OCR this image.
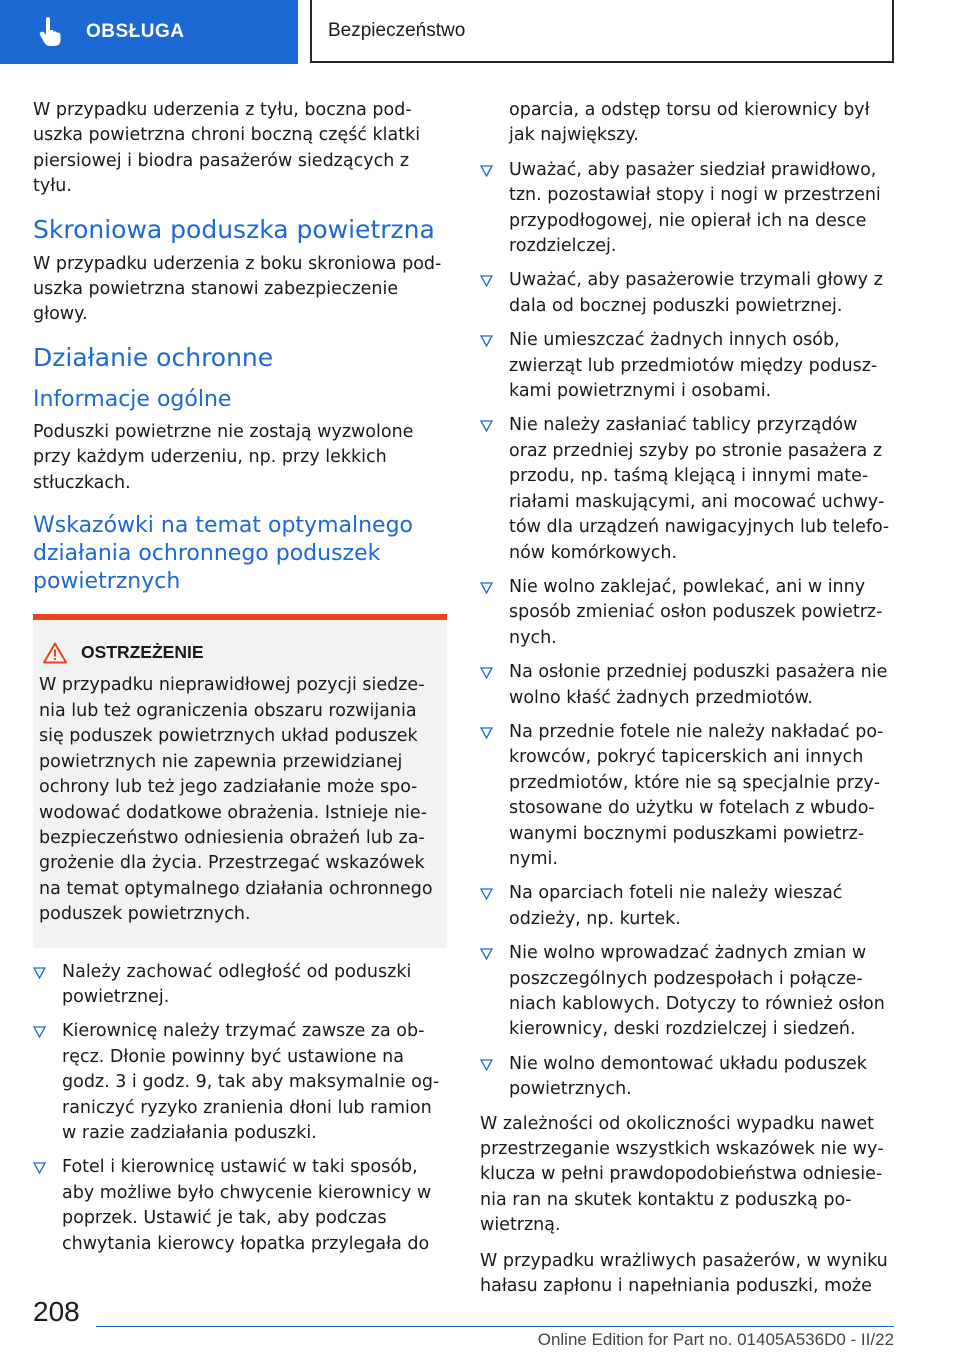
OBSŁUGA	Bezpieczeństwo

W przypadku uderzenia z tyłu, boczna poduszka powietrzna chroni boczną część klatki piersiowej i biodra pasażerów siedzących z tyłu.

Skroniowa poduszka powietrzna

W przypadku uderzenia z boku skroniowa poduszka powietrzna stanowi zabezpieczenie głowy.

Działanie ochronne
Informacje ogólne

Poduszki powietrzne nie zostają wyzwolone przy każdym uderzeniu, np. przy lekkich stłuczkach.

Wskazówki na temat optymalnego działania ochronnego poduszek powietrznych
OSTRZEŻENIE

W przypadku nieprawidłowej pozycji siedzenia lub też ograniczenia obszaru rozwijania się poduszek powietrznych układ poduszek powietrznych nie zapewnia przewidzianej ochrony lub też jego zadziałanie może spowodować dodatkowe obrażenia. Istnieje niebezpieczeństwo odniesienia obrażeń lub zagrożenie dla życia. Przestrzegać wskazówek na temat optymalnego działania ochronnego poduszek powietrznych.

Należy zachować odległość od poduszki powietrznej.
Kierownicę należy trzymać zawsze za obręcz. Dłonie powinny być ustawione na godz. 3 i godz. 9, tak aby maksymalnie ograniczyć ryzyko zranienia dłoni lub ramion w razie zadziałania poduszki.
Fotel i kierownicę ustawić w taki sposób, aby możliwe było chwycenie kierownicy w poprzek. Ustawić je tak, aby podczas chwytania kierowcy łopatka przylegała do
oparcia, a odstęp torsu od kierownicy był jak największy.
Uważać, aby pasażer siedział prawidłowo, tzn. pozostawiał stopy i nogi w przestrzeni przypodłogowej, nie opierał ich na desce rozdzielczej.
Uważać, aby pasażerowie trzymali głowy z dala od bocznej poduszki powietrznej.
Nie umieszczać żadnych innych osób, zwierząt lub przedmiotów między poduszkami powietrznymi i osobami.
Nie należy zasłaniać tablicy przyrządów oraz przedniej szyby po stronie pasażera z przodu, np. taśmą klejącą i innymi materiałami maskującymi, ani mocować uchwytów dla urządzeń nawigacyjnych lub telefonów komórkowych.
Nie wolno zaklejać, powlekać, ani w inny sposób zmieniać osłon poduszek powietrznych.
Na osłonie przedniej poduszki pasażera nie wolno kłaść żadnych przedmiotów.
Na przednie fotele nie należy nakładać pokrowców, pokryć tapicerskich ani innych przedmiotów, które nie są specjalnie przystosowane do użytku w fotelach z wbudowanymi bocznymi poduszkami powietrznymi.
Na oparciach foteli nie należy wieszać odzieży, np. kurtek.
Nie wolno wprowadzać żadnych zmian w poszczególnych podzespołach i połączeniach kablowych. Dotyczy to również osłon kierownicy, deski rozdzielczej i siedzeń.
Nie wolno demontować układu poduszek powietrznych.

W zależności od okoliczności wypadku nawet przestrzeganie wszystkich wskazówek nie wyklucza w pełni prawdopodobieństwa odniesienia ran na skutek kontaktu z poduszką powietrzną.

W przypadku wrażliwych pasażerów, w wyniku hałasu zapłonu i napełniania poduszki, może

208
Online Edition for Part no. 01405A536D0 - II/22
